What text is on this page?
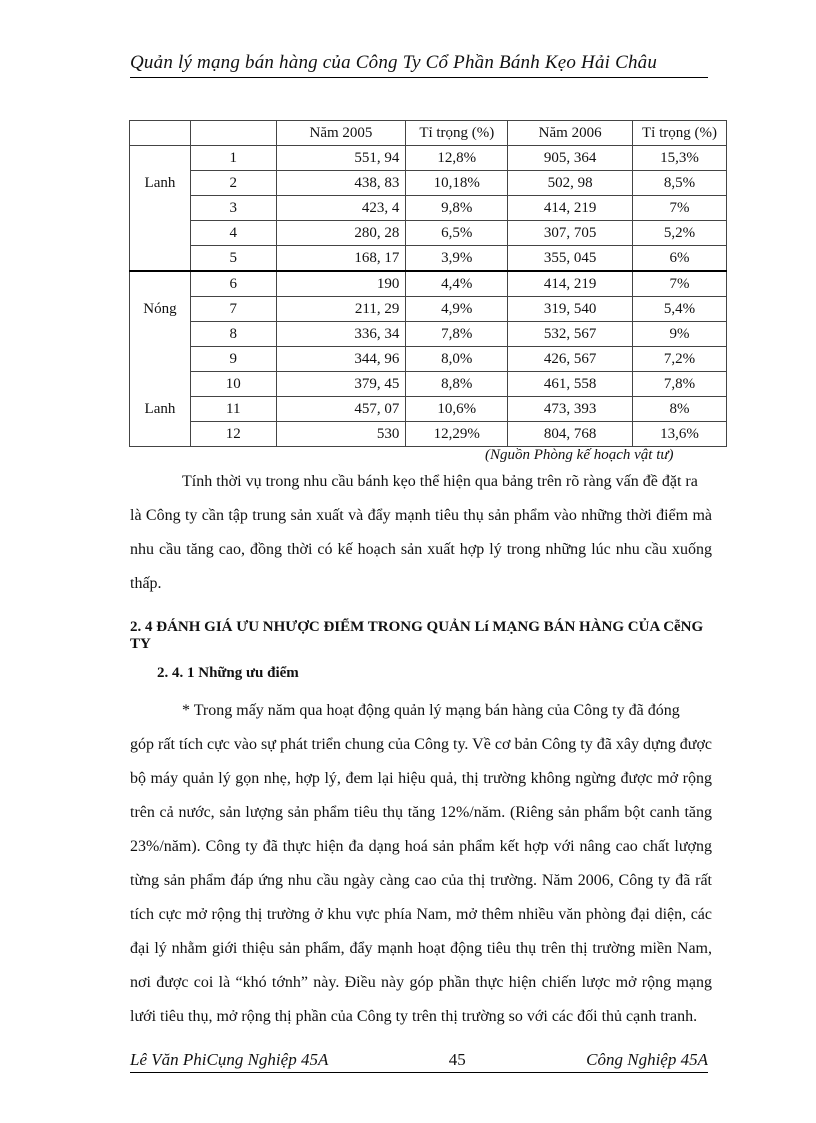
Quản lý mạng bán hàng của Công Ty Cổ Phần Bánh Kẹo Hải Châu
		Năm 2005	Tỉ trọng (%)	Năm 2006	Tỉ trọng (%)
	1	551, 94	12,8%	905, 364	15,3%
Lanh	2	438, 83	10,18%	502, 98	8,5%
	3	423, 4	9,8%	414, 219	7%
	4	280, 28	6,5%	307, 705	5,2%
	5	168, 17	3,9%	355, 045	6%
	6	190	4,4%	414, 219	7%
Nóng	7	211, 29	4,9%	319, 540	5,4%
	8	336, 34	7,8%	532, 567	9%
	9	344, 96	8,0%	426, 567	7,2%
	10	379, 45	8,8%	461, 558	7,8%
Lanh	11	457, 07	10,6%	473, 393	8%
	12	530	12,29%	804, 768	13,6%
(Nguồn Phòng kế hoạch vật tư)
Tính thời vụ trong nhu cầu bánh kẹo thể hiện qua bảng trên rõ ràng vấn đề đặt ra
là Công ty cần tập trung sản xuất và đẩy mạnh tiêu thụ sản phẩm vào những thời điểm mà nhu cầu tăng cao, đồng thời có kế hoạch sản xuất hợp lý trong những lúc nhu cầu xuống thấp.
2. 4 ĐÁNH GIÁ ƯU NHƯỢC ĐIỂM TRONG QUẢN Lí MẠNG BÁN HÀNG CỦA CễNG TY
2. 4. 1 Những ưu điểm
* Trong mấy năm qua hoạt động quản lý mạng bán hàng của Công ty đã đóng
góp rất tích cực vào sự phát triển chung của Công ty. Về cơ bản Công ty đã xây dựng được bộ máy quản lý gọn nhẹ, hợp lý, đem lại hiệu quả, thị trường không ngừng được mở rộng trên cả nước, sản lượng sản phẩm tiêu thụ tăng 12%/năm. (Riêng sản phẩm bột canh tăng 23%/năm). Công ty đã thực hiện đa dạng hoá sản phẩm kết hợp với nâng cao chất lượng từng sản phẩm đáp ứng nhu cầu ngày càng cao của thị trường. Năm 2006, Công ty đã rất tích cực mở rộng thị trường ở khu vực phía Nam, mở thêm nhiều văn phòng đại diện, các đại lý nhằm giới thiệu sản phẩm, đẩy mạnh hoạt động tiêu thụ trên thị trường miền Nam, nơi được coi là “khó tớnh” này. Điều này góp phần thực hiện chiến lược mở rộng mạng lưới tiêu thụ, mở rộng thị phần của Công ty trên thị trường so với các đối thủ cạnh tranh.
Lê Văn PhiCụng Nghiệp 45A	45	Công Nghiệp 45A
